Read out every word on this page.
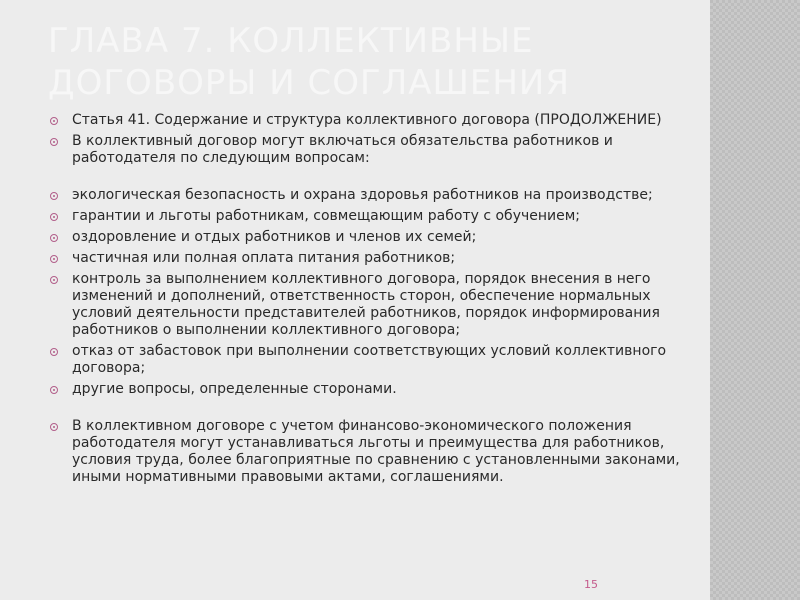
ГЛАВА 7. КОЛЛЕКТИВНЫЕ ДОГОВОРЫ И СОГЛАШЕНИЯ
Статья 41. Содержание и структура коллективного договора (ПРОДОЛЖЕНИЕ)
В коллективный договор могут включаться обязательства работников и работодателя по следующим вопросам:
экологическая безопасность и охрана здоровья работников на производстве;
гарантии и льготы работникам, совмещающим работу с обучением;
оздоровление и отдых работников и членов их семей;
частичная или полная оплата питания работников;
контроль за выполнением коллективного договора, порядок внесения в него изменений и дополнений, ответственность сторон, обеспечение нормальных условий деятельности представителей работников, порядок информирования работников о выполнении коллективного договора;
отказ от забастовок при выполнении соответствующих условий коллективного договора;
другие вопросы, определенные сторонами.
В коллективном договоре с учетом финансово-экономического положения работодателя могут устанавливаться льготы и преимущества для работников, условия труда, более благоприятные по сравнению с установленными законами, иными нормативными правовыми актами, соглашениями.
15
